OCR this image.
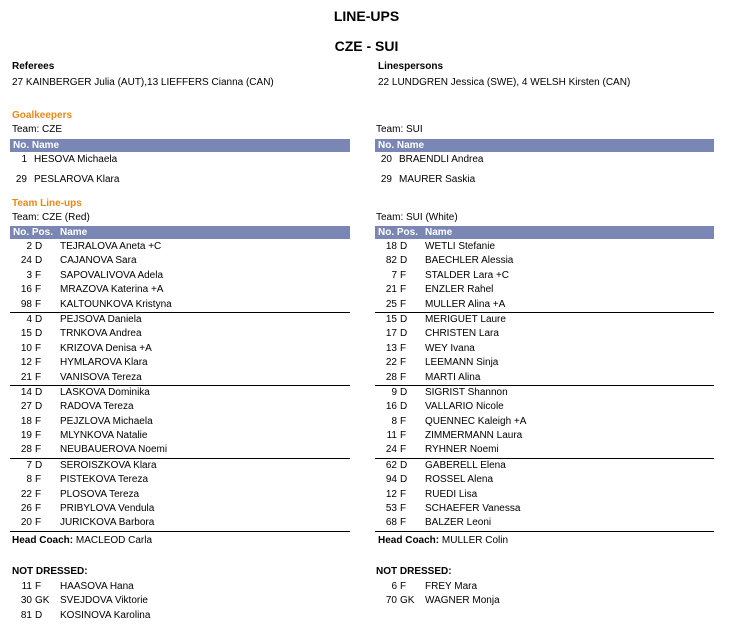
LINE-UPS
CZE - SUI
Referees
27 KAINBERGER Julia (AUT),13 LIEFFERS Cianna (CAN)
Linespersons
22 LUNDGREN Jessica (SWE), 4 WELSH Kirsten (CAN)
Goalkeepers
Team: CZE
No. Name
1 HESOVA Michaela
29 PESLAROVA Klara
Team: SUI
No. Name
20 BRAENDLI Andrea
29 MAURER Saskia
Team Line-ups
Team: CZE (Red)
No. Pos. Name
2 D TEJRALOVA Aneta +C
24 D CAJANOVA Sara
3 F SAPOVALIVOVA Adela
16 F MRAZOVA Katerina +A
98 F KALTOUNKOVA Kristyna
4 D PEJSOVA Daniela
15 D TRNKOVA Andrea
10 F KRIZOVA Denisa +A
12 F HYMLAROVA Klara
21 F VANISOVA Tereza
14 D LASKOVA Dominika
27 D RADOVA Tereza
18 F PEJZLOVA Michaela
19 F MLYNKOVA Natalie
28 F NEUBAUEROVA Noemi
7 D SEROISZKOVA Klara
8 F PISTEKOVA Tereza
22 F PLOSOVA Tereza
26 F PRIBYLOVA Vendula
20 F JURICKOVA Barbora
Team: SUI (White)
No. Pos. Name
18 D WETLI Stefanie
82 D BAECHLER Alessia
7 F STALDER Lara +C
21 F ENZLER Rahel
25 F MULLER Alina +A
15 D MERIGUET Laure
17 D CHRISTEN Lara
13 F WEY Ivana
22 F LEEMANN Sinja
28 F MARTI Alina
9 D SIGRIST Shannon
16 D VALLARIO Nicole
8 F QUENNEC Kaleigh +A
11 F ZIMMERMANN Laura
24 F RYHNER Noemi
62 D GABERELL Elena
94 D ROSSEL Alena
12 F RUEDI Lisa
53 F SCHAEFER Vanessa
68 F BALZER Leoni
Head Coach: MACLEOD Carla	Head Coach: MULLER Colin
NOT DRESSED:
11 F HAASOVA Hana
30 GK SVEJDOVA Viktorie
81 D KOSINOVA Karolina
NOT DRESSED:
6 F FREY Mara
70 GK WAGNER Monja
